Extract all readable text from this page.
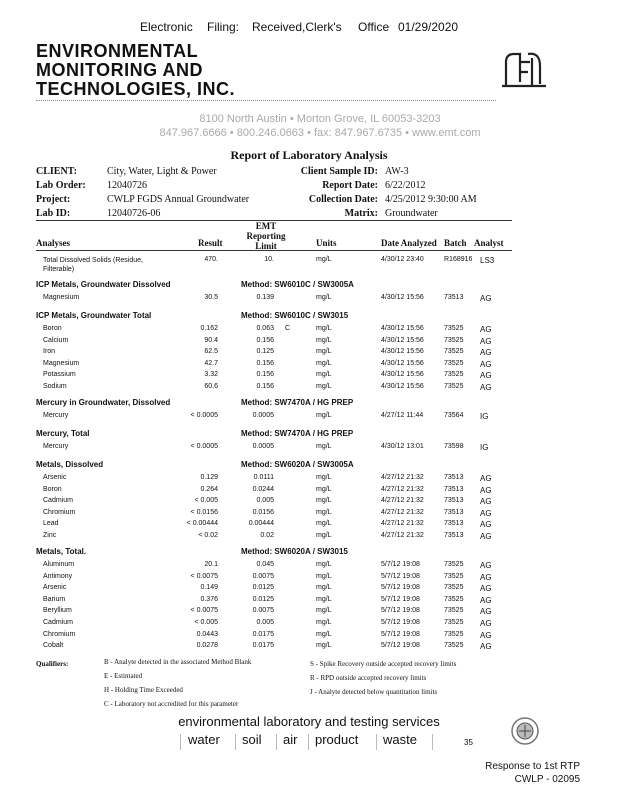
Electronic Filing: Received,Clerk's Office 01/29/2020
ENVIRONMENTAL
MONITORING AND
TECHNOLOGIES, INC.
8100 North Austin • Morton Grove, IL 60053-3203
847.967.6666 • 800.246.0663 • fax: 847.967.6735 • www.emt.com
Report of Laboratory Analysis
CLIENT:	City, Water, Light & Power
Lab Order: 12040726
Project:	CWLP FGDS Annual Groundwater
Lab ID:	12040726-06
Client Sample ID: AW-3
Report Date: 6/22/2012
Collection Date: 4/25/2012 9:30:00 AM
Matrix: Groundwater
Analyses	Result
EMT
Reporting
Limit	Units	Date Analyzed Batch Analyst
Total Dissolved Solids (Residue,
Filterable)
470.	10.	mg/L	4/30/12 23:40	R168916 LS3
ICP Metals, Groundwater Dissolved	Method: SW6010C / SW3005A
Magnesium	30.5	0.139	mg/L	4/30/12 15:56	73513 AG
ICP Metals, Groundwater Total	Method: SW6010C / SW3015
Boron	0.162	0.063 C	mg/L	4/30/12 15:56	73525 AG
Calcium	90.4	0.156	mg/L	4/30/12 15:56	73525 AG
Iron	62.5	0.125	mg/L	4/30/12 15:56	73525 AG
Magnesium	42.7	0.156	mg/L	4/30/12 15:56	73525 AG
Potassium	3.32	0.156	mg/L	4/30/12 15:56	73525 AG
Sodium	60.6	0.156	mg/L	4/30/12 15:56	73525 AG
Mercury in Groundwater, Dissolved	Method: SW7470A / HG PREP
Mercury	< 0.0005	0.0005	mg/L	4/27/12 11:44	73564 IG
Mercury, Total	Method: SW7470A / HG PREP
Mercury	< 0.0005	0.0005	mg/L	4/30/12 13:01	73598 IG
Metals, Dissolved	Method: SW6020A / SW3005A
Arsenic	0.129	0.0111	mg/L	4/27/12 21:32	73513 AG
Boron	0.264	0.0244	mg/L	4/27/12 21:32	73513 AG
Cadmium	< 0.005	0.005	mg/L	4/27/12 21:32	73513 AG
Chromium	< 0.0156	0.0156	mg/L	4/27/12 21:32	73513 AG
Lead	< 0.00444	0.00444	mg/L	4/27/12 21:32	73513 AG
Zinc	< 0.02	0.02	mg/L	4/27/12 21:32	73513 AG
Metals, Total.	Method: SW6020A / SW3015
Aluminum	20.1	0.045	mg/L	5/7/12 19:08	73525 AG
Antimony	< 0.0075	0.0075	mg/L	5/7/12 19:08	73525 AG
Arsenic	0.149	0.0125	mg/L	5/7/12 19:08	73525 AG
Barium	0.376	0.0125	mg/L	5/7/12 19:08	73525 AG
Beryllium	< 0.0075	0.0075	mg/L	5/7/12 19:08	73525 AG
Cadmium	< 0.005	0.005	mg/L	5/7/12 19:08	73525 AG
Chromium	0.0443	0.0175	mg/L	5/7/12 19:08	73525 AG
Cobalt	0.0278	0.0175	mg/L	5/7/12 19:08	73525 AG
Qualifiers:	B - Analyte detected in the associated Method Blank
E - Estimated
H - Holding Time Exceeded
C - Laboratory not accredited for this parameter
S - Spike Recovery outside accepted recovery limits
R - RPD outside accepted recovery limits
J - Analyte detected below quantitation limits
environmental laboratory and testing services
water soil air product waste	35
Response to 1st RTP
CWLP - 02095
